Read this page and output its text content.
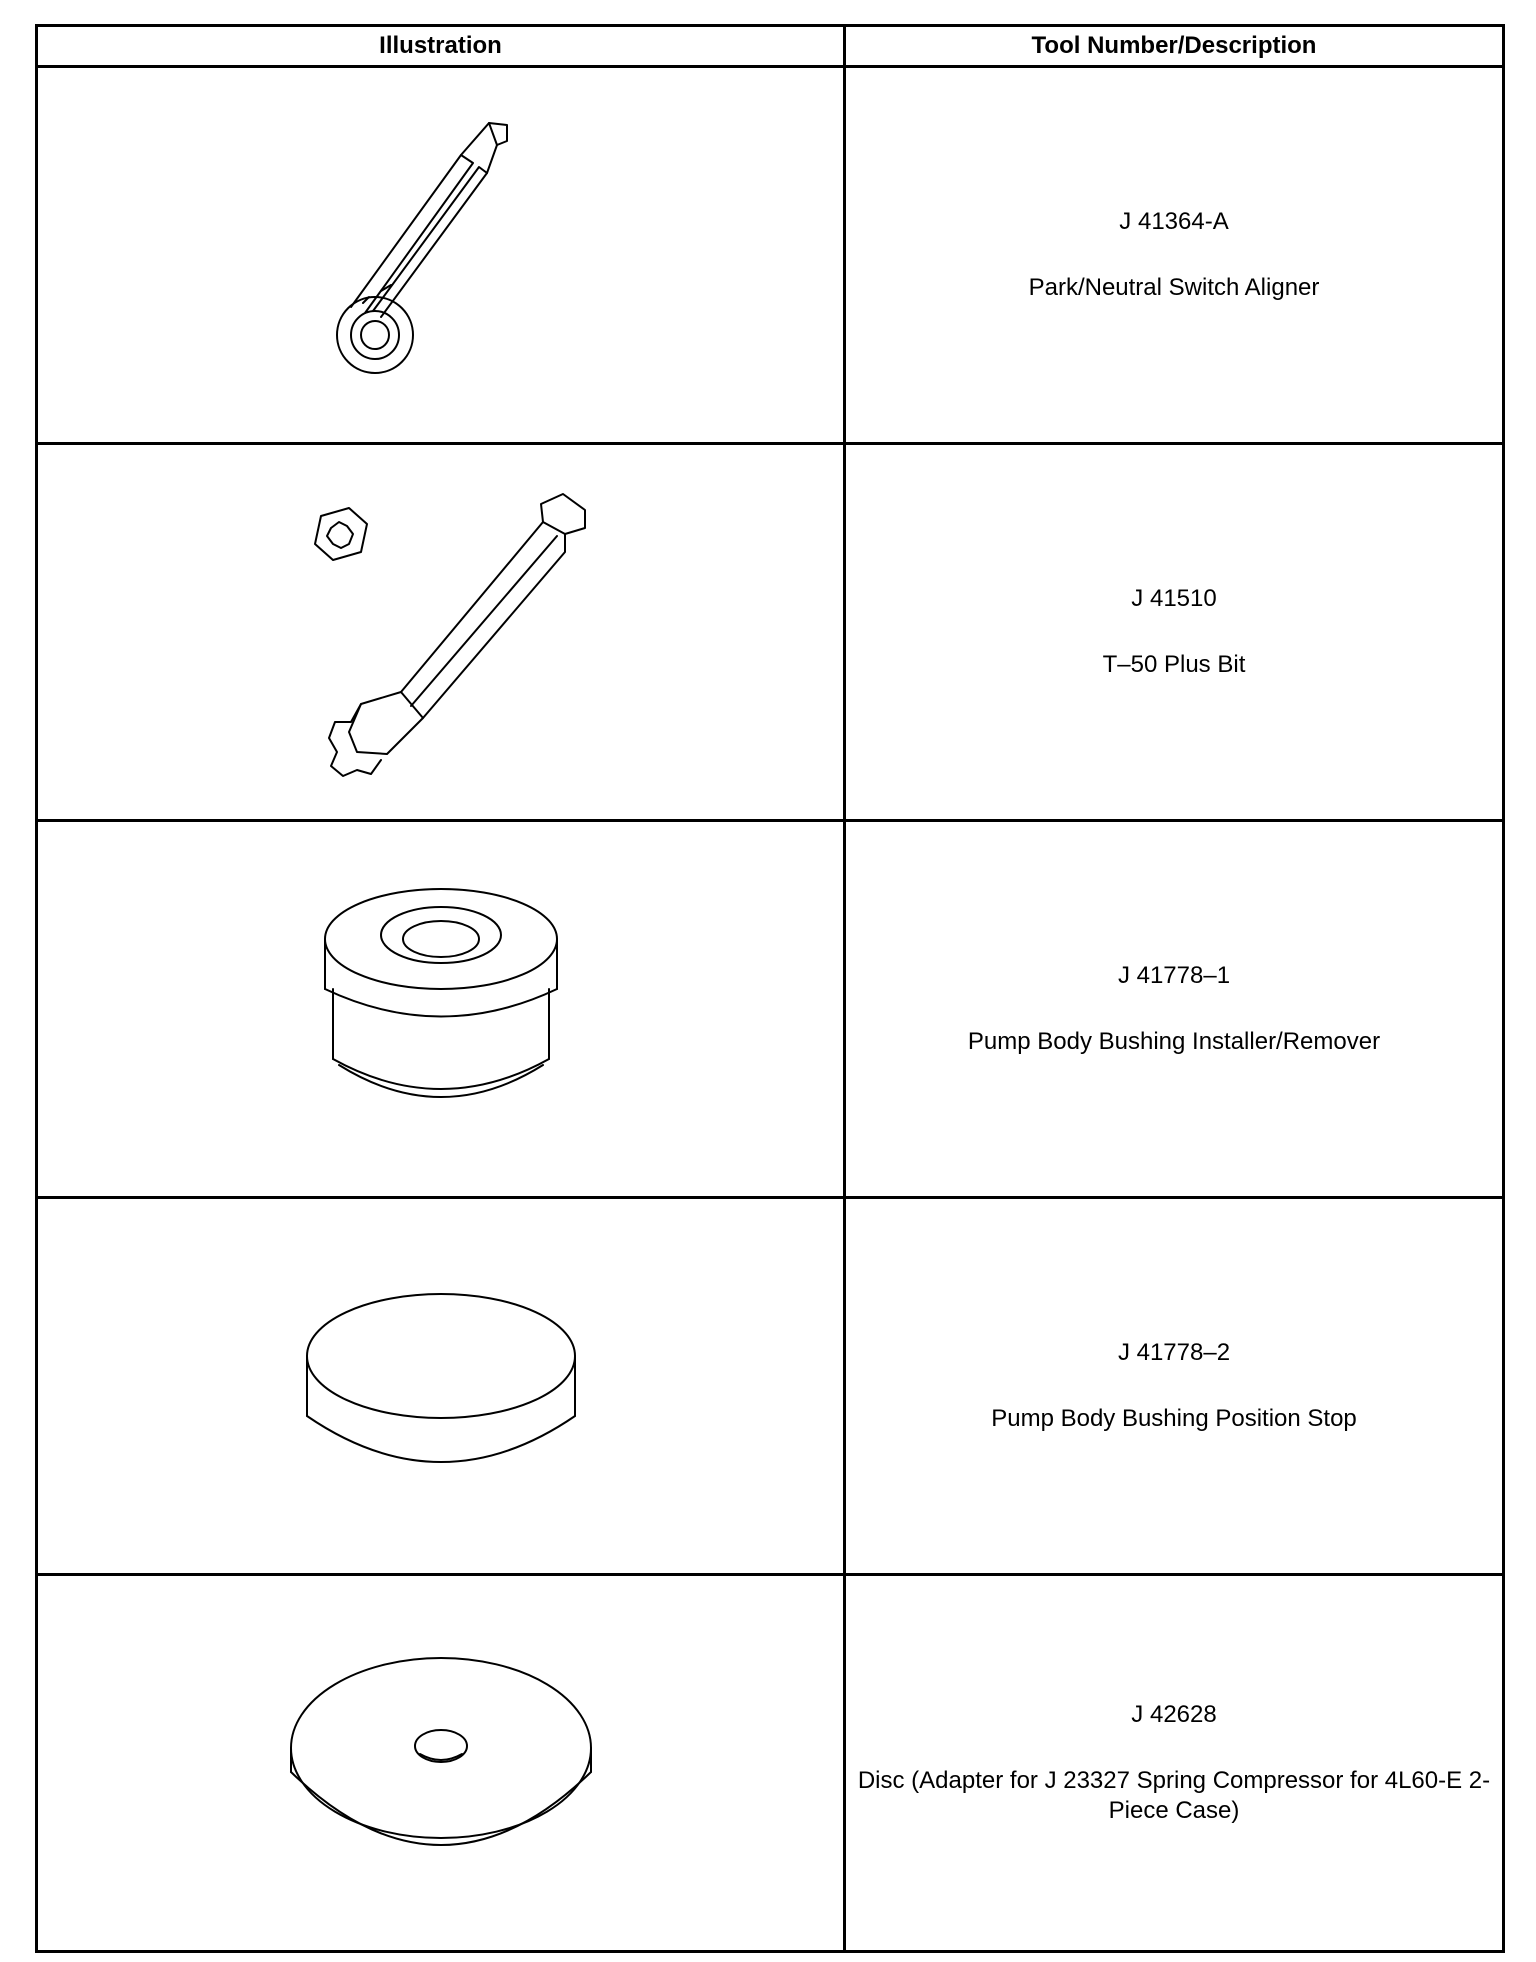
Illustration	Tool Number/Description

J 41364-A
Park/Neutral Switch Aligner

J 41510
T–50 Plus Bit

J 41778–1
Pump Body Bushing Installer/Remover

J 41778–2
Pump Body Bushing Position Stop

J 42628
Disc (Adapter for J 23327 Spring Compressor for 4L60-E 2-Piece Case)
